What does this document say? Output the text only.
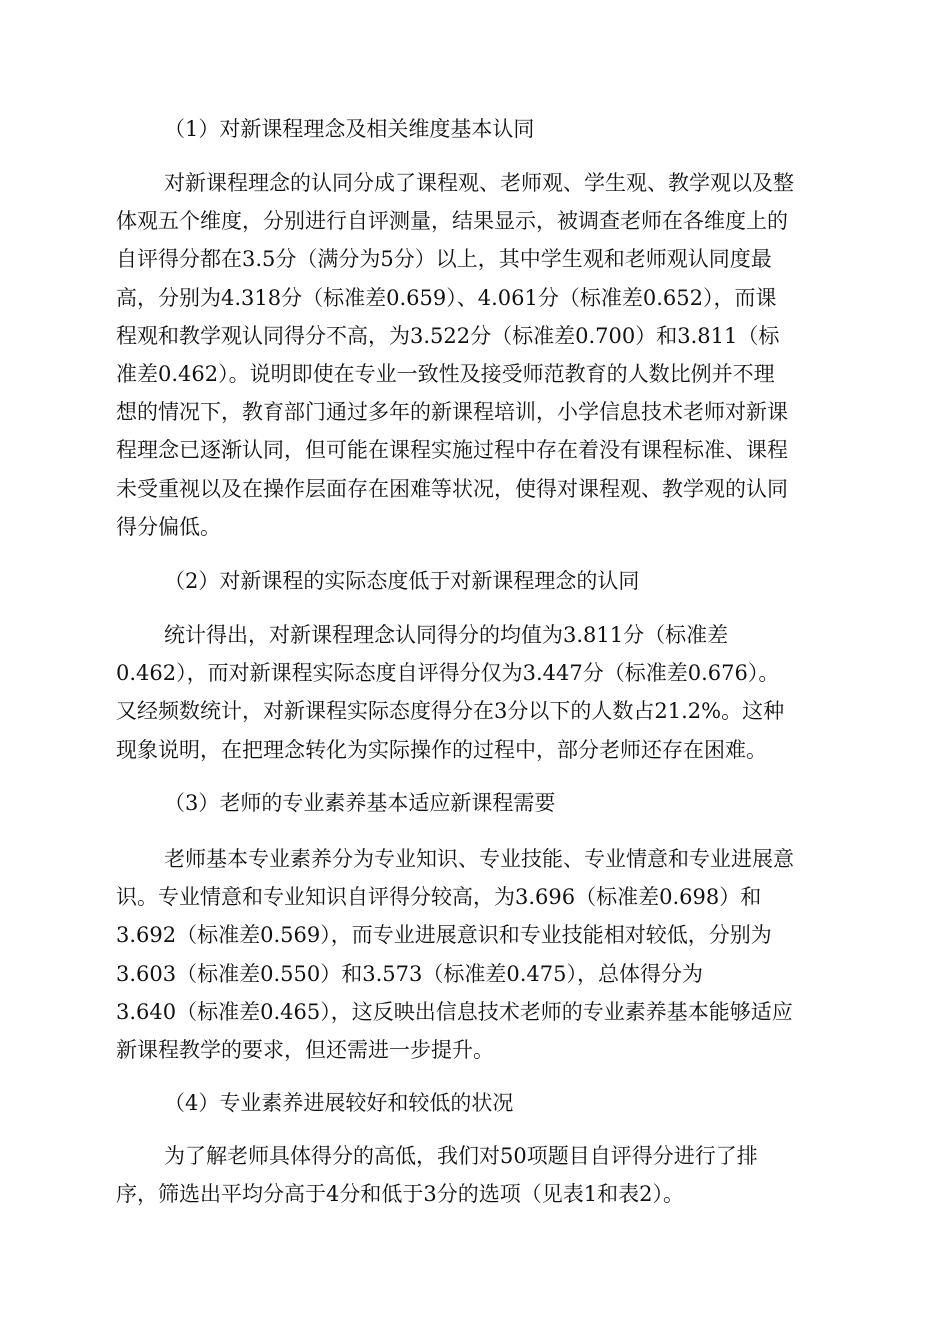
（1）对新课程理念及相关维度基本认同
对新课程理念的认同分成了课程观、老师观、学生观、教学观以及整
体观五个维度，分别进行自评测量，结果显示，被调查老师在各维度上的
自评得分都在3.5分（满分为5分）以上，其中学生观和老师观认同度最
高，分别为4.318分（标准差0.659）、4.061分（标准差0.652），而课
程观和教学观认同得分不高，为3.522分（标准差0.700）和3.811（标
准差0.462）。说明即使在专业一致性及接受师范教育的人数比例并不理
想的情况下，教育部门通过多年的新课程培训，小学信息技术老师对新课
程理念已逐渐认同，但可能在课程实施过程中存在着没有课程标准、课程
未受重视以及在操作层面存在困难等状况，使得对课程观、教学观的认同
得分偏低。
（2）对新课程的实际态度低于对新课程理念的认同
统计得出，对新课程理念认同得分的均值为3.811分（标准差
0.462），而对新课程实际态度自评得分仅为3.447分（标准差0.676）。
又经频数统计，对新课程实际态度得分在3分以下的人数占21.2%。这种
现象说明，在把理念转化为实际操作的过程中，部分老师还存在困难。
（3）老师的专业素养基本适应新课程需要
老师基本专业素养分为专业知识、专业技能、专业情意和专业进展意
识。专业情意和专业知识自评得分较高，为3.696（标准差0.698）和
3.692（标准差0.569），而专业进展意识和专业技能相对较低，分别为
3.603（标准差0.550）和3.573（标准差0.475），总体得分为
3.640（标准差0.465），这反映出信息技术老师的专业素养基本能够适应
新课程教学的要求，但还需进一步提升。
（4）专业素养进展较好和较低的状况
为了解老师具体得分的高低，我们对50项题目自评得分进行了排
序，筛选出平均分高于4分和低于3分的选项（见表1和表2）。
